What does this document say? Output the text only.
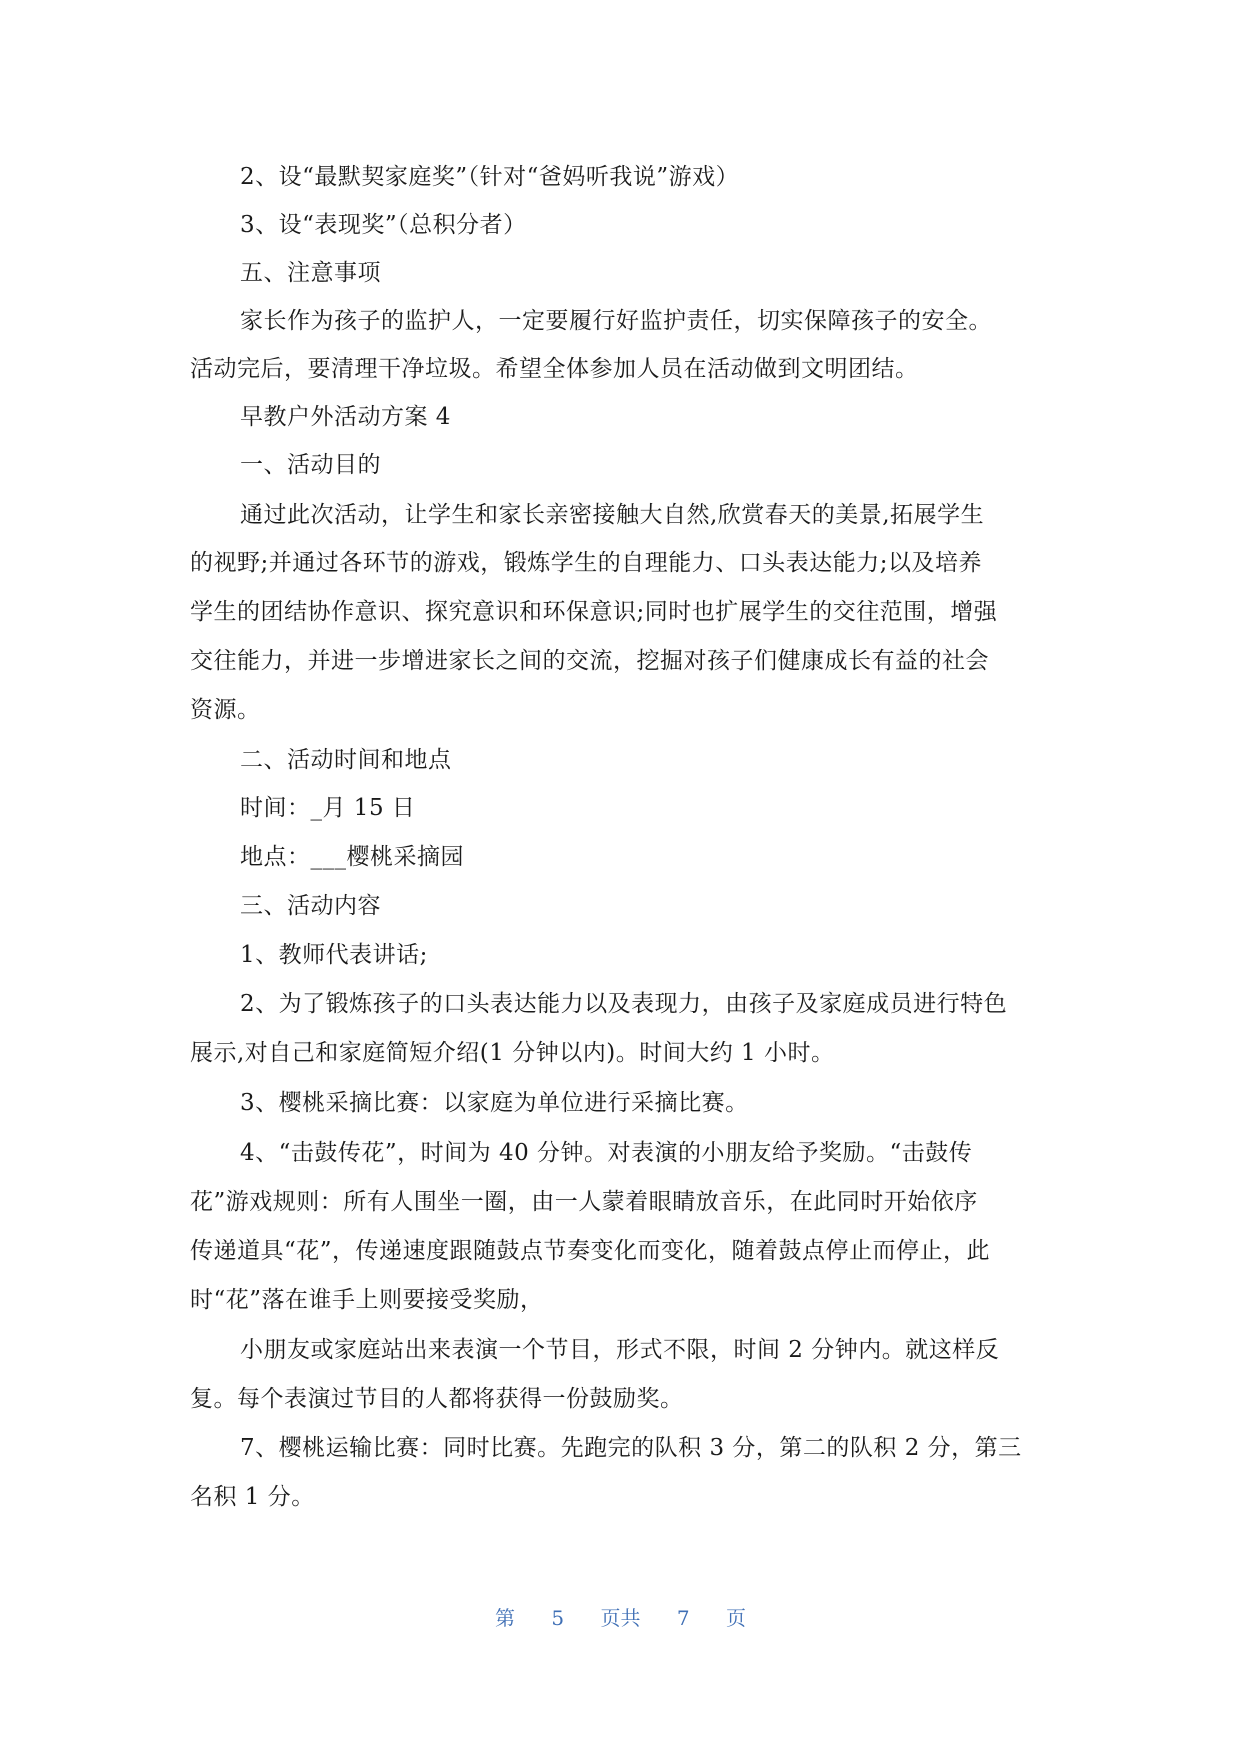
2、设“最默契家庭奖”（针对“爸妈听我说”游戏）
3、设“表现奖”（总积分者）
五、注意事项
家长作为孩子的监护人，一定要履行好监护责任，切实保障孩子的安全。
活动完后，要清理干净垃圾。希望全体参加人员在活动做到文明团结。
早教户外活动方案 4
一、活动目的
通过此次活动，让学生和家长亲密接触大自然,欣赏春天的美景,拓展学生
的视野;并通过各环节的游戏，锻炼学生的自理能力、口头表达能力;以及培养
学生的团结协作意识、探究意识和环保意识;同时也扩展学生的交往范围，增强
交往能力，并进一步增进家长之间的交流，挖掘对孩子们健康成长有益的社会
资源。
二、活动时间和地点
时间：_月 15 日
地点：___樱桃采摘园
三、活动内容
1、教师代表讲话;
2、为了锻炼孩子的口头表达能力以及表现力，由孩子及家庭成员进行特色
展示,对自己和家庭简短介绍(1 分钟以内)。时间大约 1 小时。
3、樱桃采摘比赛：以家庭为单位进行采摘比赛。
4、“击鼓传花”，时间为 40 分钟。对表演的小朋友给予奖励。“击鼓传
花”游戏规则：所有人围坐一圈，由一人蒙着眼睛放音乐，在此同时开始依序
传递道具“花”，传递速度跟随鼓点节奏变化而变化，随着鼓点停止而停止，此
时“花”落在谁手上则要接受奖励，
小朋友或家庭站出来表演一个节目，形式不限，时间 2 分钟内。就这样反
复。每个表演过节目的人都将获得一份鼓励奖。
7、樱桃运输比赛：同时比赛。先跑完的队积 3 分，第二的队积 2 分，第三
名积 1 分。
第 5 页共 7 页
